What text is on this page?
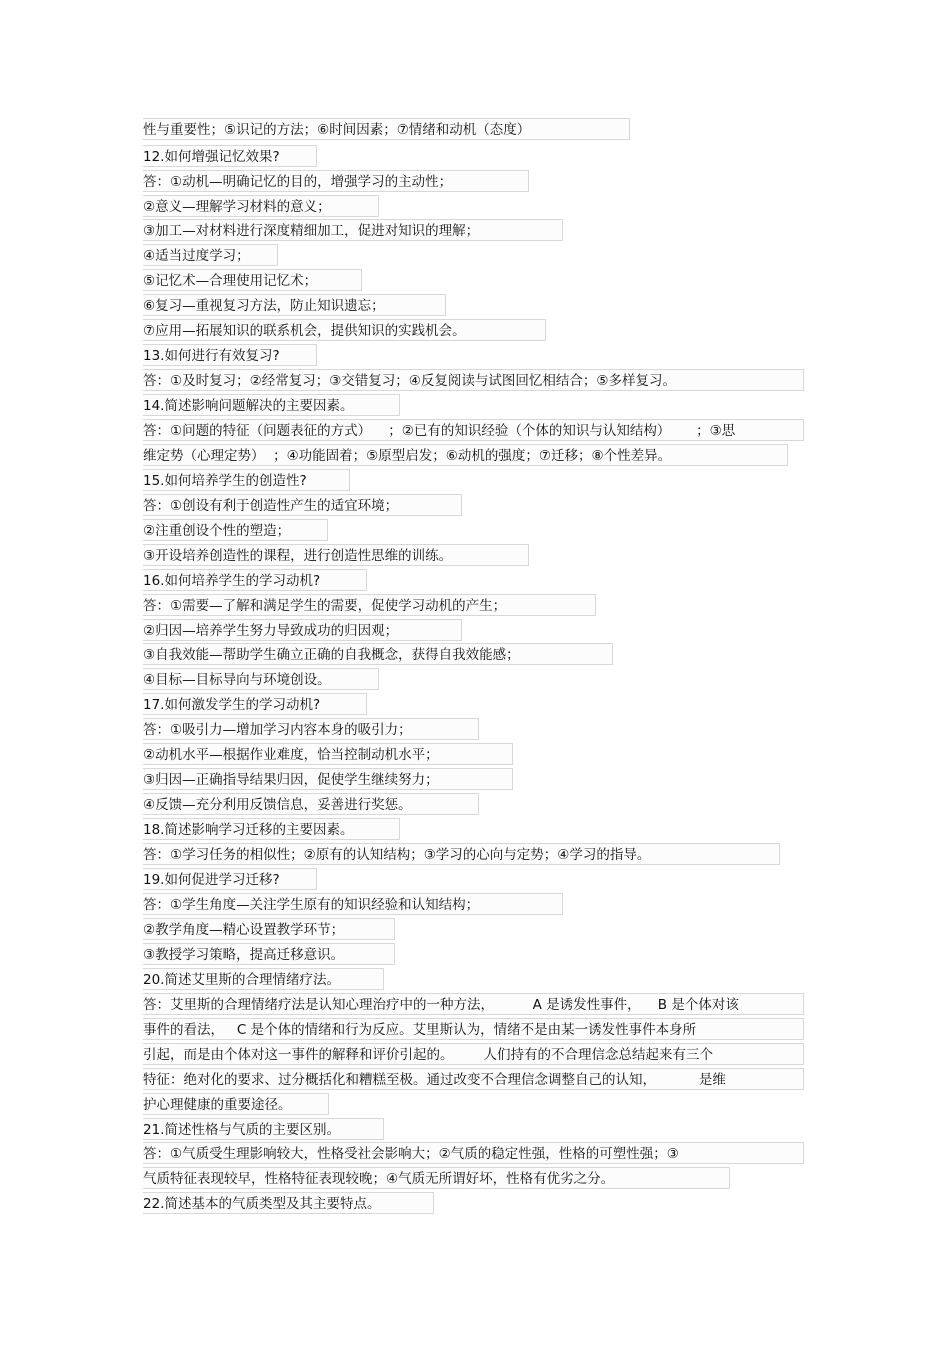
性与重要性；⑤识记的方法；⑥时间因素；⑦情绪和动机（态度）
12.如何增强记忆效果?
答：①动机—明确记忆的目的，增强学习的主动性；
②意义—理解学习材料的意义；
③加工—对材料进行深度精细加工，促进对知识的理解；
④适当过度学习；
⑤记忆术—合理使用记忆术；
⑥复习—重视复习方法，防止知识遗忘；
⑦应用—拓展知识的联系机会，提供知识的实践机会。
13.如何进行有效复习?
答：①及时复习；②经常复习；③交错复习；④反复阅读与试图回忆相结合；⑤多样复习。
14.简述影响问题解决的主要因素。
答：①问题的特征（问题表征的方式）    ；②已有的知识经验（个体的知识与认知结构）      ；③思
维定势（心理定势）  ；④功能固着；⑤原型启发；⑥动机的强度；⑦迁移；⑧个性差异。
15.如何培养学生的创造性?
答：①创设有利于创造性产生的适宜环境；
②注重创设个性的塑造；
③开设培养创造性的课程，进行创造性思维的训练。
16.如何培养学生的学习动机?
答：①需要—了解和满足学生的需要，促使学习动机的产生；
②归因—培养学生努力导致成功的归因观；
③自我效能—帮助学生确立正确的自我概念，获得自我效能感；
④目标—目标导向与环境创设。
17.如何激发学生的学习动机?
答：①吸引力—增加学习内容本身的吸引力；
②动机水平—根据作业难度，恰当控制动机水平；
③归因—正确指导结果归因，促使学生继续努力；
④反馈—充分利用反馈信息，妥善进行奖惩。
18.简述影响学习迁移的主要因素。
答：①学习任务的相似性；②原有的认知结构；③学习的心向与定势；④学习的指导。
19.如何促进学习迁移?
答：①学生角度—关注学生原有的知识经验和认知结构；
②教学角度—精心设置教学环节；
③教授学习策略，提高迁移意识。
20.简述艾里斯的合理情绪疗法。
答：艾里斯的合理情绪疗法是认知心理治疗中的一种方法，         A 是诱发性事件，    B 是个体对该
事件的看法，   C 是个体的情绪和行为反应。艾里斯认为，情绪不是由某一诱发性事件本身所
引起，而是由个体对这一事件的解释和评价引起的。       人们持有的不合理信念总结起来有三个
特征：绝对化的要求、过分概括化和糟糕至极。通过改变不合理信念调整自己的认知，          是维
护心理健康的重要途径。
21.简述性格与气质的主要区别。
答：①气质受生理影响较大，性格受社会影响大；②气质的稳定性强，性格的可塑性强；③
气质特征表现较早，性格特征表现较晚；④气质无所谓好坏，性格有优劣之分。
22.简述基本的气质类型及其主要特点。
